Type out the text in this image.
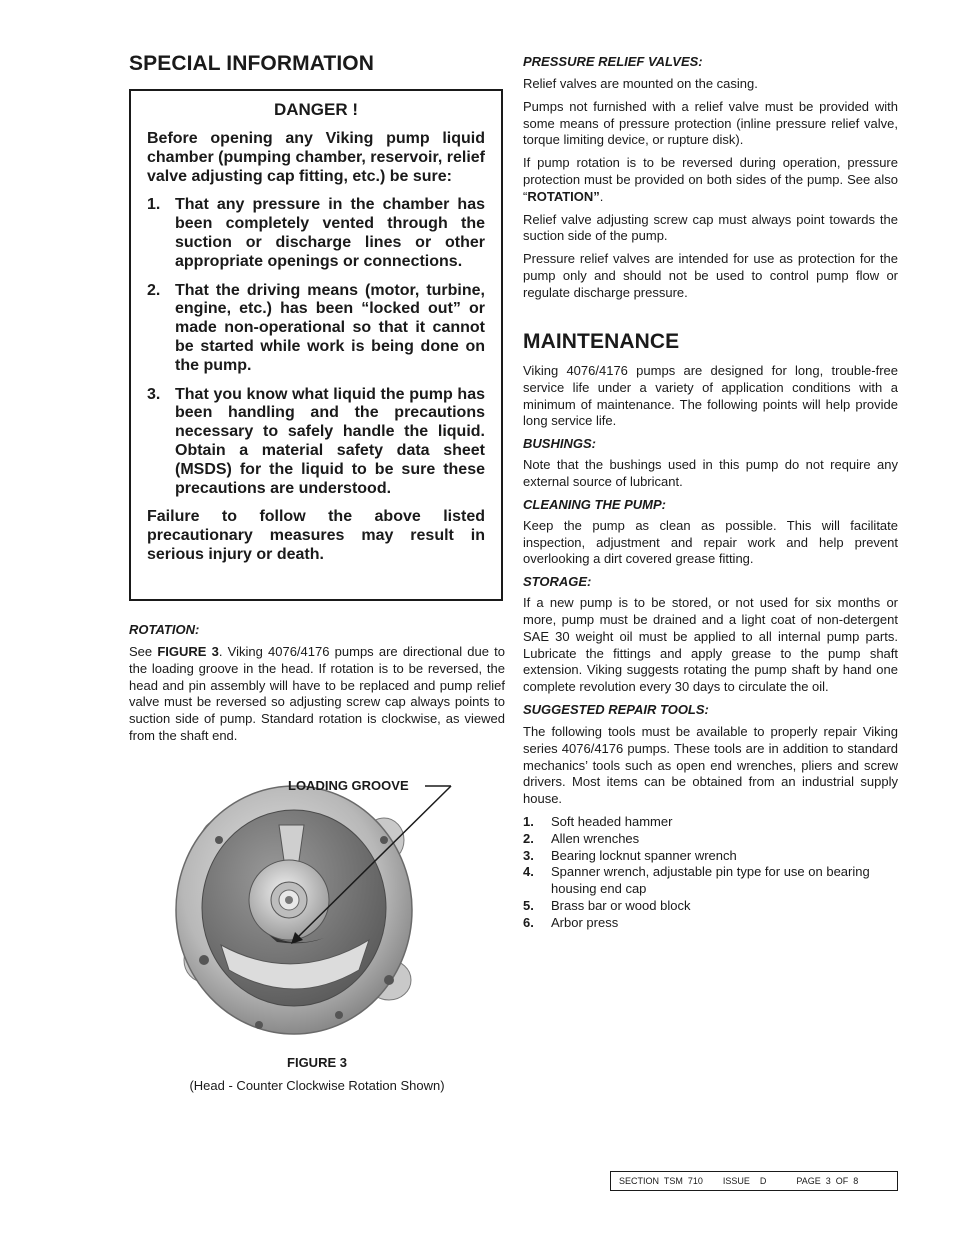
SPECIAL INFORMATION
DANGER !

Before opening any Viking pump liquid chamber (pumping chamber, reservoir, relief valve adjusting cap fitting, etc.) be sure:

1. That any pressure in the chamber has been completely vented through the suction or discharge lines or other appropriate openings or connections.
2. That the driving means (motor, turbine, engine, etc.) has been “locked out” or made non-operational so that it cannot be started while work is being done on the pump.
3. That you know what liquid the pump has been handling and the precautions necessary to safely handle the liquid. Obtain a material safety data sheet (MSDS) for the liquid to be sure these precautions are understood.

Failure to follow the above listed precautionary measures may result in serious injury or death.

ROTATION:

See FIGURE 3. Viking 4076/4176 pumps are directional due to the loading groove in the head. If rotation is to be reversed, the head and pin assembly will have to be replaced and pump relief valve must be reversed so adjusting screw cap always points to suction side of pump. Standard rotation is clockwise, as viewed from the shaft end.

LOADING GROOVE
FIGURE 3
(Head - Counter Clockwise Rotation Shown)

PRESSURE RELIEF VALVES:

Relief valves are mounted on the casing.

Pumps not furnished with a relief valve must be provided with some means of pressure protection (inline pressure relief valve, torque limiting device, or rupture disk).

If pump rotation is to be reversed during operation, pressure protection must be provided on both sides of the pump. See also “ROTATION”.

Relief valve adjusting screw cap must always point towards the suction side of the pump.

Pressure relief valves are intended for use as protection for the pump only and should not be used to control pump flow or regulate discharge pressure.

MAINTENANCE

Viking 4076/4176 pumps are designed for long, trouble-free service life under a variety of application conditions with a minimum of maintenance. The following points will help provide long service life.

BUSHINGS:

Note that the bushings used in this pump do not require any external source of lubricant.

CLEANING THE PUMP:

Keep the pump as clean as possible. This will facilitate inspection, adjustment and repair work and help prevent overlooking a dirt covered grease fitting.

STORAGE:

If a new pump is to be stored, or not used for six months or more, pump must be drained and a light coat of non-detergent SAE 30 weight oil must be applied to all internal pump parts. Lubricate the fittings and apply grease to the pump shaft extension. Viking suggests rotating the pump shaft by hand one complete revolution every 30 days to circulate the oil.

SUGGESTED REPAIR TOOLS:

The following tools must be available to properly repair Viking series 4076/4176 pumps. These tools are in addition to standard mechanics’ tools such as open end wrenches, pliers and screw drivers. Most items can be obtained from an industrial supply house.

1.	Soft headed hammer
2.	Allen wrenches
3.	Bearing locknut spanner wrench
4.	Spanner wrench, adjustable pin type for use on bearing housing end cap
5.	Brass bar or wood block
6.	Arbor press
SECTION  TSM  710        ISSUE    D            PAGE  3  OF  8
